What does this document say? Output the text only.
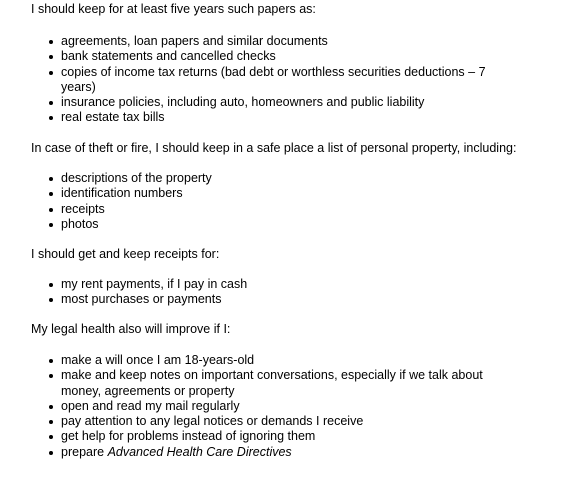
I should keep for at least five years such papers as:

agreements, loan papers and similar documents
bank statements and cancelled checks
copies of income tax returns (bad debt or worthless securities deductions – 7 years)
insurance policies, including auto, homeowners and public liability
real estate tax bills

In case of theft or fire, I should keep in a safe place a list of personal property, including:

descriptions of the property
identification numbers
receipts
photos

I should get and keep receipts for:

my rent payments, if I pay in cash
most purchases or payments

My legal health also will improve if I:

make a will once I am 18-years-old
make and keep notes on important conversations, especially if we talk about money, agreements or property
open and read my mail regularly
pay attention to any legal notices or demands I receive
get help for problems instead of ignoring them
prepare Advanced Health Care Directives
